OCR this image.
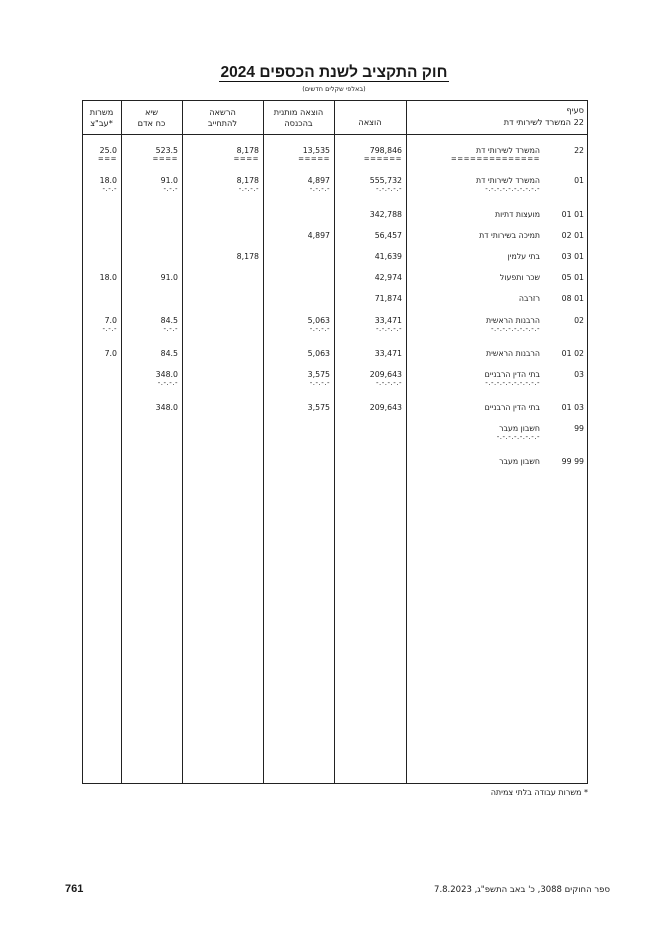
חוק התקציב לשנת הכספים 2024
(באלפי שקלים חדשים)
סעיף
22 המשרד לשירותי דת
הוצאה
הוצאה מותנית
בהכנסה
הרשאה
להתחייב
שיא
כח אדם
משרות
עב"צ*
22
המשרד לשירותי דת
==============
798,846
======
13,535
=====
8,178
====
523.5
====
25.0
===
01
המשרד לשירותי דת
-.-.-.-.-.-.-.-.-.-
555,732
-.-.-.-.-
4,897
-.-.-.-
8,178
-.-.-.-
91.0
-.-.-
18.0
-.-.-
01 01
מועצות דתיות
342,788
01 02
תמיכה בשירותי דת
56,457
4,897
01 03
בתי עלמין
41,639
8,178
01 05
שכר ותפעול
42,974
91.0
18.0
01 08
רזרבה
71,874
02
הרבנות הראשית
-.-.-.-.-.-.-.-.-
33,471
-.-.-.-.-
5,063
-.-.-.-
84.5
-.-.-
7.0
-.-.-
02 01
הרבנות הראשית
33,471
5,063
84.5
7.0
03
בתי הדין הרבניים
-.-.-.-.-.-.-.-.-.-
209,643
-.-.-.-.-
3,575
-.-.-.-
348.0
-.-.-.-
03 01
בתי הדין הרבניים
209,643
3,575
348.0
99
חשבון מעבר
-.-.-.-.-.-.-.-
99 99
חשבון מעבר
* משרות עבודה בלתי צמיתה
761	ספר החוקים 3088, כ' באב התשפ"ג, 7.8.2023
